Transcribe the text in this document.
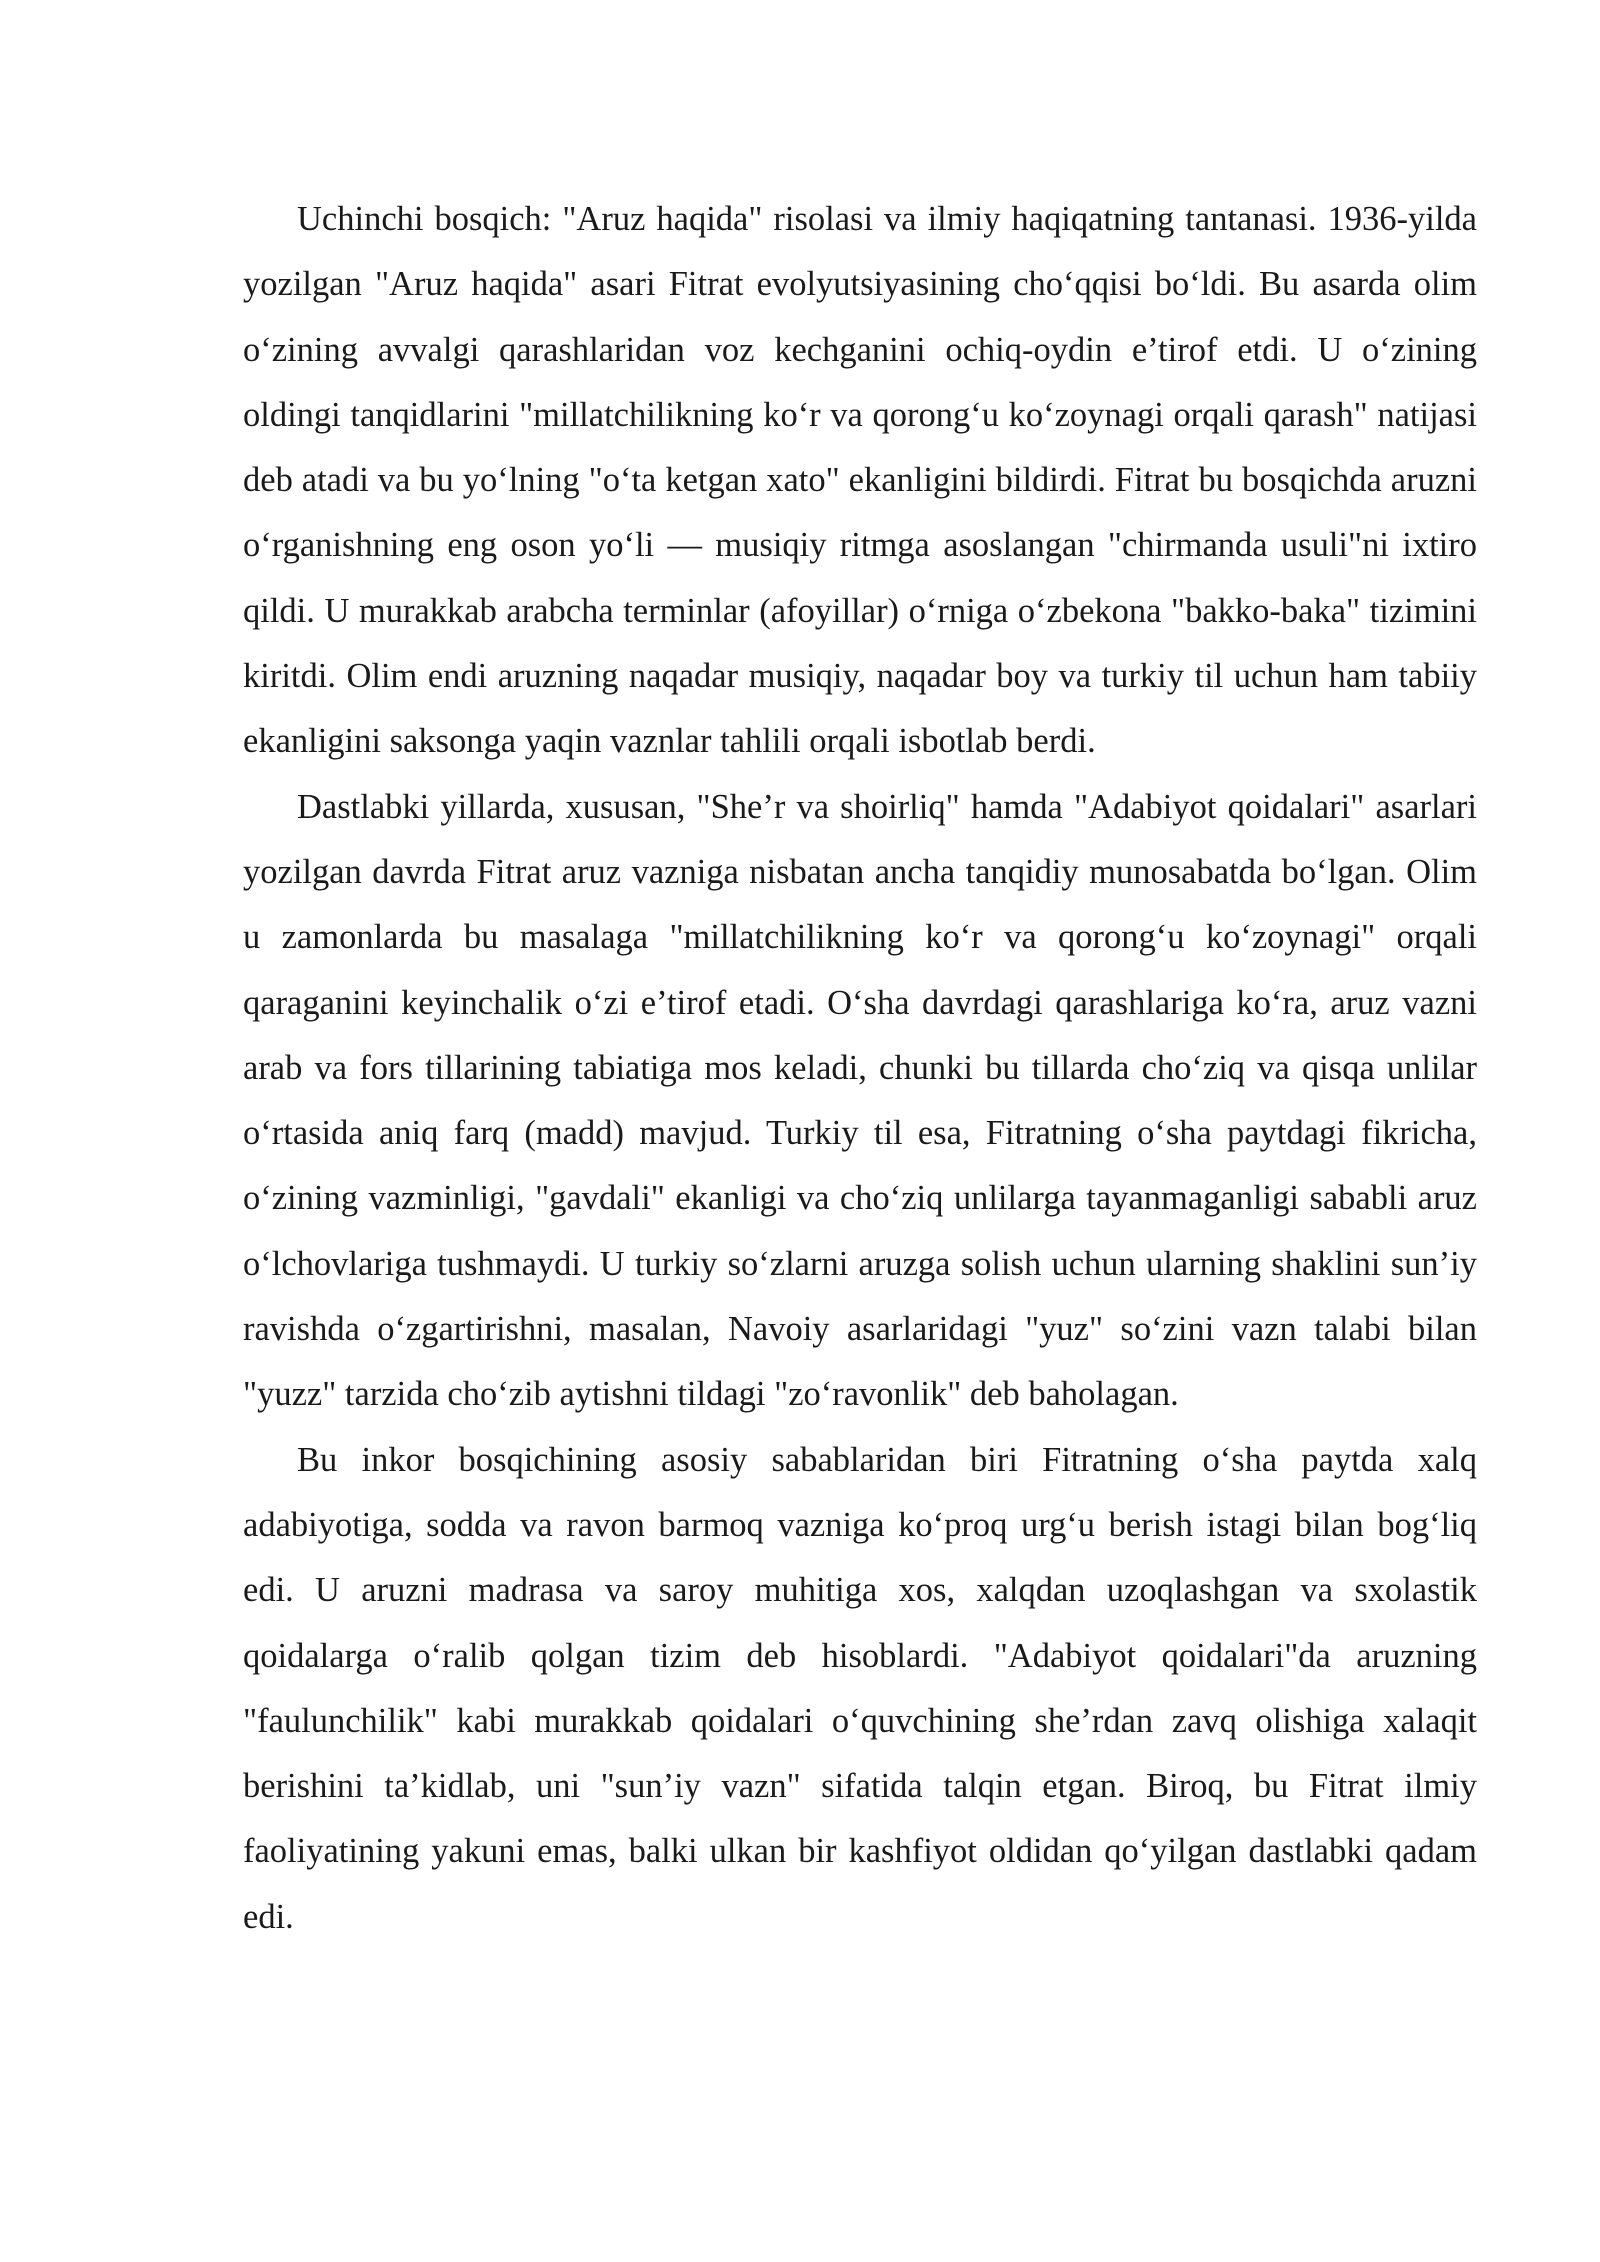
Uchinchi bosqich: "Aruz haqida" risolasi va ilmiy haqiqatning tantanasi. 1936-yilda yozilgan "Aruz haqida" asari Fitrat evolyutsiyasining cho‘qqisi bo‘ldi. Bu asarda olim o‘zining avvalgi qarashlaridan voz kechganini ochiq-oydin e’tirof etdi. U o‘zining oldingi tanqidlarini "millatchilikning ko‘r va qorong‘u ko‘zoynagi orqali qarash" natijasi deb atadi va bu yo‘lning "o‘ta ketgan xato" ekanligini bildirdi. Fitrat bu bosqichda aruzni o‘rganishning eng oson yo‘li — musiqiy ritmga asoslangan "chirmanda usuli"ni ixtiro qildi. U murakkab arabcha terminlar (afoyillar) o‘rniga o‘zbekona "bakko-baka" tizimini kiritdi. Olim endi aruzning naqadar musiqiy, naqadar boy va turkiy til uchun ham tabiiy ekanligini saksonga yaqin vaznlar tahlili orqali isbotlab berdi.

Dastlabki yillarda, xususan, "She’r va shoirliq" hamda "Adabiyot qoidalari" asarlari yozilgan davrda Fitrat aruz vazniga nisbatan ancha tanqidiy munosabatda bo‘lgan. Olim u zamonlarda bu masalaga "millatchilikning ko‘r va qorong‘u ko‘zoynagi" orqali qaraganini keyinchalik o‘zi e’tirof etadi. O‘sha davrdagi qarashlariga ko‘ra, aruz vazni arab va fors tillarining tabiatiga mos keladi, chunki bu tillarda cho‘ziq va qisqa unlilar o‘rtasida aniq farq (madd) mavjud. Turkiy til esa, Fitratning o‘sha paytdagi fikricha, o‘zining vazminligi, "gavdali" ekanligi va cho‘ziq unlilarga tayanmaganligi sababli aruz o‘lchovlariga tushmaydi. U turkiy so‘zlarni aruzga solish uchun ularning shaklini sun’iy ravishda o‘zgartirishni, masalan, Navoiy asarlaridagi "yuz" so‘zini vazn talabi bilan "yuzz" tarzida cho‘zib aytishni tildagi "zo‘ravonlik" deb baholagan.

Bu inkor bosqichining asosiy sabablaridan biri Fitratning o‘sha paytda xalq adabiyotiga, sodda va ravon barmoq vazniga ko‘proq urg‘u berish istagi bilan bog‘liq edi. U aruzni madrasa va saroy muhitiga xos, xalqdan uzoqlashgan va sxolastik qoidalarga o‘ralib qolgan tizim deb hisoblardi. "Adabiyot qoidalari"da aruzning "faulunchilik" kabi murakkab qoidalari o‘quvchining she’rdan zavq olishiga xalaqit berishini ta’kidlab, uni "sun’iy vazn" sifatida talqin etgan. Biroq, bu Fitrat ilmiy faoliyatining yakuni emas, balki ulkan bir kashfiyot oldidan qo‘yilgan dastlabki qadam edi.
